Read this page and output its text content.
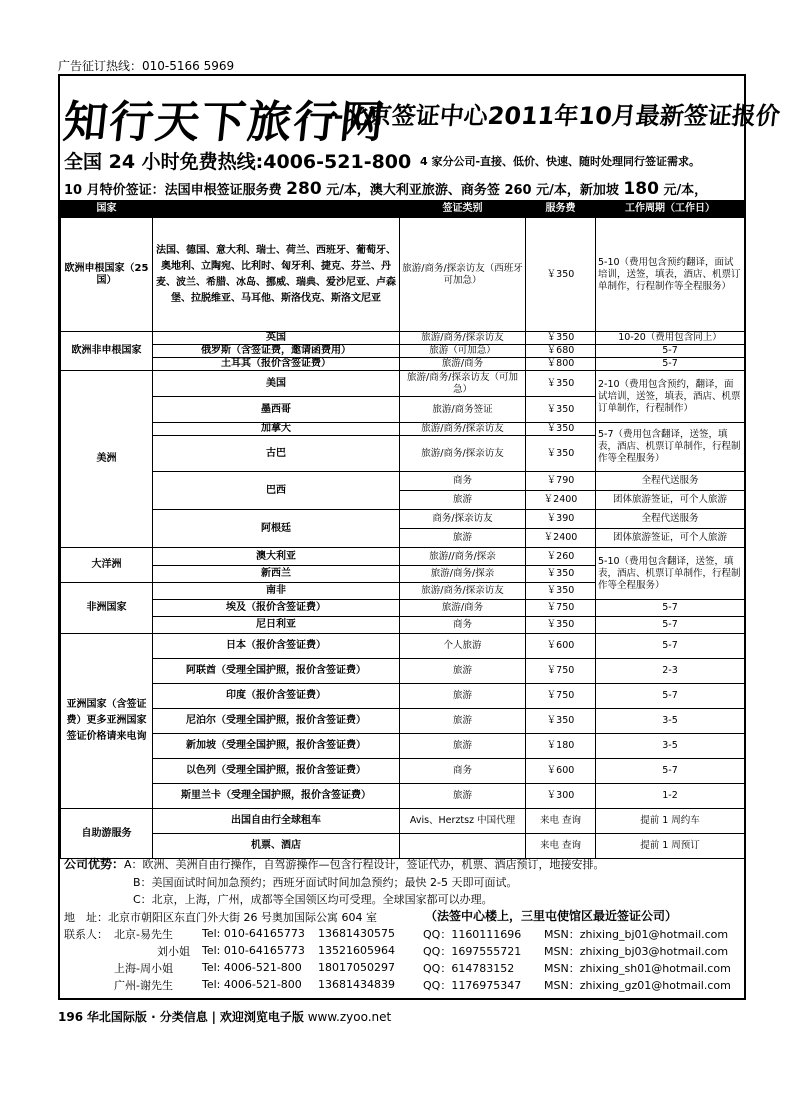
广告征订热线：010-5166 5969
知行天下旅行网
--北京签证中心2011年10月最新签证报价
全国 24 小时免费热线:4006-521-800 4 家分公司-直接、低价、快速、随时处理同行签证需求。
10 月特价签证：法国申根签证服务费 280 元/本，澳大利亚旅游、商务签 260 元/本，新加坡 180 元/本，
国家		签证类别	服务费	工作周期（工作日）
欧洲申根国家（25 国）	法国、德国、意大利、瑞士、荷兰、西班牙、葡萄牙、奥地利、立陶宛、比利时、匈牙利、捷克、芬兰、丹麦、波兰、希腊、冰岛、挪威、瑞典、爱沙尼亚、卢森堡、拉脱维亚、马耳他、斯洛伐克、斯洛文尼亚	旅游/商务/探亲访友（西班牙可加急）	￥350	5-10（费用包含预约翻译，面试培训，送签，填表，酒店、机票订单制作，行程制作等全程服务）
欧洲非申根国家	英国	旅游/商务/探亲访友	￥350	10-20（费用包含同上）
	俄罗斯（含签证费，邀请函费用）	旅游（可加急）	￥680	5-7
	土耳其（报价含签证费）	旅游/商务	￥800	5-7
美洲	美国	旅游/商务/探亲访友（可加急）	￥350	2-10（费用包含预约，翻译，面试培训，送签，填表，酒店、机票订单制作，行程制作）
	墨西哥	旅游/商务签证	￥350	
	加拿大	旅游/商务/探亲访友	￥350	5-7（费用包含翻译，送签，填表，酒店、机票订单制作，行程制作等全程服务）
	古巴	旅游/商务/探亲访友	￥350	
	巴西	商务	￥790	全程代送服务
		旅游	￥2400	团体旅游签证，可个人旅游
	阿根廷	商务/探亲访友	￥390	全程代送服务
		旅游	￥2400	团体旅游签证，可个人旅游
大洋洲	澳大利亚	旅游//商务/探亲	￥260	5-10（费用包含翻译，送签，填表，酒店、机票订单制作，行程制作等全程服务）
	新西兰	旅游/商务/探亲	￥350	
非洲国家	南非	旅游/商务/探亲访友	￥350	
	埃及（报价含签证费）	旅游/商务	￥750	5-7
	尼日利亚	商务	￥350	5-7
亚洲国家（含签证费）更多亚洲国家签证价格请来电询	日本（报价含签证费）	个人旅游	￥600	5-7
	阿联酋（受理全国护照，报价含签证费）	旅游	￥750	2-3
	印度（报价含签证费）	旅游	￥750	5-7
	尼泊尔（受理全国护照，报价含签证费）	旅游	￥350	3-5
	新加坡（受理全国护照，报价含签证费）	旅游	￥180	3-5
	以色列（受理全国护照，报价含签证费）	商务	￥600	5-7
	斯里兰卡（受理全国护照，报价含签证费）	旅游	￥300	1-2
自助游服务	出国自由行全球租车	Avis、Herztsz 中国代理	来电 查询	提前 1 周约车
	机票、酒店		来电 查询	提前 1 周预订
公司优势：A：欧洲、美洲自由行操作，自驾游操作—包含行程设计，签证代办，机票、酒店预订，地接安排。
B：美国面试时间加急预约；西班牙面试时间加急预约；最快 2-5 天即可面试。
C：北京，上海，广州，成都等全国领区均可受理。全球国家都可以办理。
地　址：北京市朝阳区东直门外大街 26 号奥加国际公寓 604 室	（法签中心楼上，三里屯使馆区最近签证公司）
联系人：	北京-易先生	Tel: 010-64165773	13681430575	QQ：1160111696	MSN：zhixing_bj01@hotmail.com
	刘小姐	Tel: 010-64165773	13521605964	QQ：1697555721	MSN：zhixing_bj03@hotmail.com
	上海-周小姐	Tel: 4006-521-800	18017050297	QQ：614783152	MSN：zhixing_sh01@hotmail.com
	广州-谢先生	Tel: 4006-521-800	13681434839	QQ：1176975347	MSN：zhixing_gz01@hotmail.com
196 华北国际版 · 分类信息 | 欢迎浏览电子版 www.zyoo.net
